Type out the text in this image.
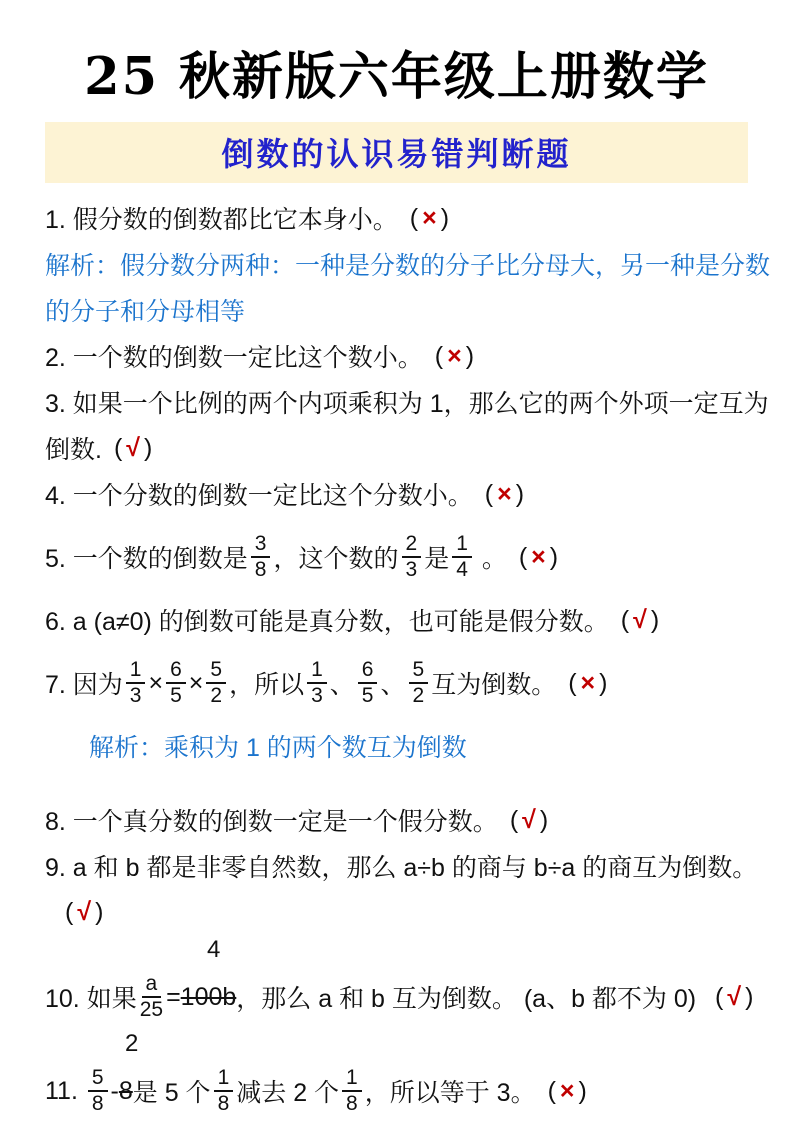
25 秋新版六年级上册数学
倒数的认识易错判断题
1. 假分数的倒数都比它本身小。 (×)
解析：假分数分两种：一种是分数的分子比分母大，另一种是分数
的分子和分母相等
2. 一个数的倒数一定比这个数小。 (×)
3. 如果一个比例的两个内项乘积为 1，那么它的两个外项一定互为
倒数. (√)
4. 一个分数的倒数一定比这个分数小。 (×)
5. 一个数的倒数是 $\frac{3}{8}$ ，这个数的 $\frac{2}{3}$ 是 $\frac{1}{4}$ 。 (×)
6. a (a≠0) 的倒数可能是真分数，也可能是假分数。 (√)
7. 因为 $\frac{1}{3} \times \frac{6}{5} \times \frac{5}{2}$ ，所以 $\frac{1}{3}$ 、 $\frac{6}{5}$ 、 $\frac{5}{2}$ 互为倒数。 (×)
解析：乘积为 1 的两个数互为倒数
8. 一个真分数的倒数一定是一个假分数。 (√)
9. a 和 b 都是非零自然数，那么 a÷b 的商与 b÷a 的商互为倒数。
(√)
4
10. 如果 $\frac{a}{25} = 100b$ ，那么 a 和 b 互为倒数。 (a、b 都不为 0) (√)
2
11. $\frac{5}{8} - 8$ 是 5 个 $\frac{1}{8}$ 减去 2 个 $\frac{1}{8}$ ，所以等于 3。 (×)
